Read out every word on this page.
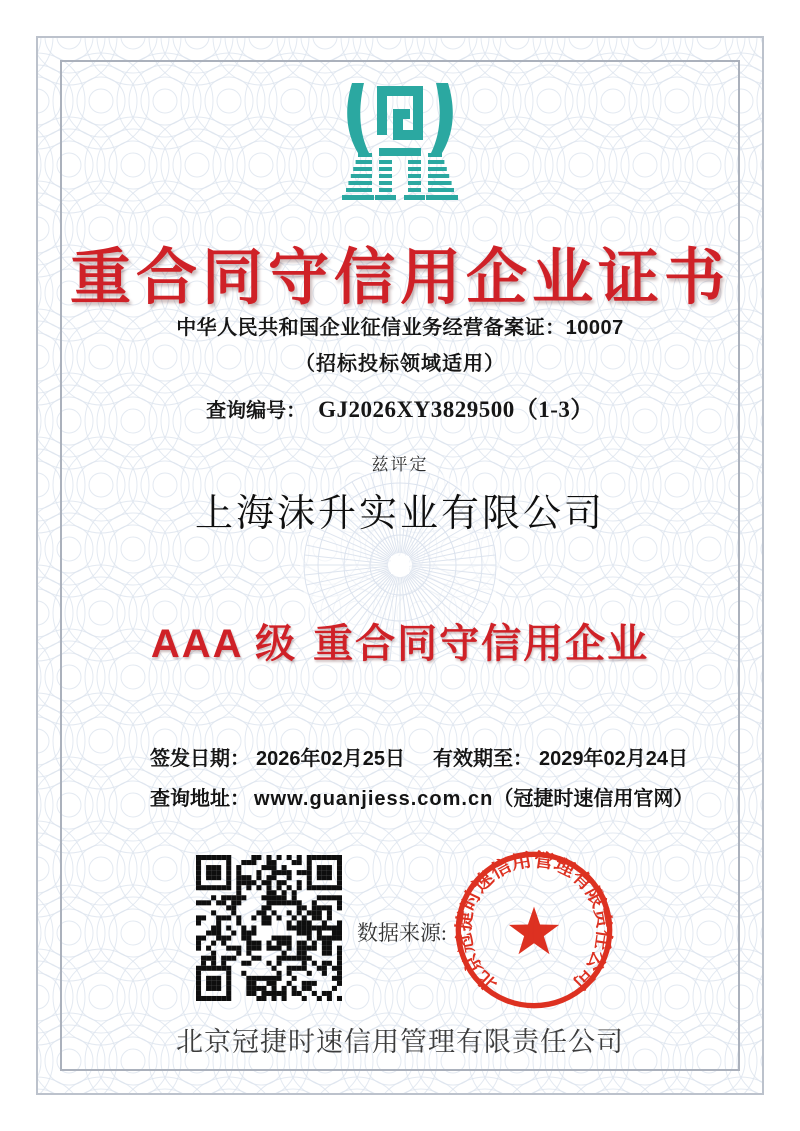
重合同守信用企业证书
中华人民共和国企业征信业务经营备案证：10007
（招标投标领域适用）
查询编号： GJ2026XY3829500（1-3）
兹评定
上海沫升实业有限公司
AAA 级 重合同守信用企业
签发日期： 2026年02月25日 有效期至： 2029年02月24日
查询地址： www.guanjiess.com.cn（冠捷时速信用官网）
数据来源:
北京冠捷时速信用管理有限责任公司
北京冠捷时速信用管理有限责任公司
